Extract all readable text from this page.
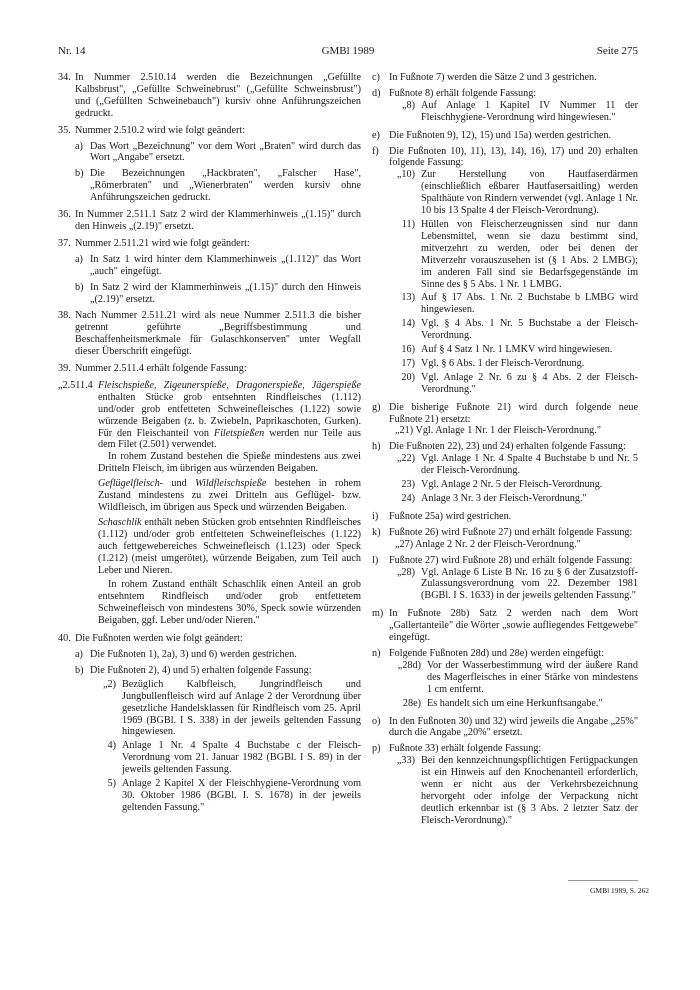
Nr. 14	GMBl 1989	Seite 275
34. In Nummer 2.510.14 werden die Bezeichnungen „Gefüllte Kalbsbrust", „Gefüllte Schweinebrust" („Gefüllte Schweinsbrust") und („Gefüllten Schweinebauch") kursiv ohne Anführungszeichen gedruckt.
35. Nummer 2.510.2 wird wie folgt geändert:
a) Das Wort „Bezeichnung" vor dem Wort „Braten" wird durch das Wort „Angabe" ersetzt.
b) Die Bezeichnungen „Hackbraten", „Falscher Hase", „Römerbraten" und „Wienerbraten" werden kursiv ohne Anführungszeichen gedruckt.
36. In Nummer 2.511.1 Satz 2 wird der Klammerhinweis „(1.15)" durch den Hinweis „(2.19)" ersetzt.
37. Nummer 2.511.21 wird wie folgt geändert:
a) In Satz 1 wird hinter dem Klammerhinweis „(1.112)" das Wort „auch" eingefügt.
b) In Satz 2 wird der Klammerhinweis „(1.15)" durch den Hinweis „(2.19)" ersetzt.
38. Nach Nummer 2.511.21 wird als neue Nummer 2.511.3 die bisher getrennt geführte „Begriffsbestimmung und Beschaffenheitsmerkmale für Gulaschkonserven" unter Wegfall dieser Überschrift eingefügt.
39. Nummer 2.511.4 erhält folgende Fassung:
„2.511.4 Fleischspieße, Zigeunerspieße, Dragonerspieße, Jägerspieße enthalten Stücke grob entsehnten Rindfleisches (1.112) und/oder grob entfetteten Schweinefleisches (1.122) sowie würzende Beigaben (z. b. Zwiebeln, Paprikaschoten, Gurken). Für den Fleischanteil von Filetspießen werden nur Teile aus dem Filet (2.501) verwendet.

In rohem Zustand bestehen die Spieße mindestens aus zwei Dritteln Fleisch, im übrigen aus würzenden Beigaben.

Geflügelfleisch- und Wildfleischspieße bestehen in rohem Zustand mindestens zu zwei Dritteln aus Geflügel- bzw. Wildfleisch, im übrigen aus Speck und würzenden Beigaben.

Schaschlik enthält neben Stücken grob entsehnten Rindfleisches (1.112) und/oder grob entfetteten Schweinefleisches (1.122) auch fettgewebereiches Schweinefleisch (1.123) oder Speck (1.212) (meist umgerötet), würzende Beigaben, zum Teil auch Leber und Nieren.

In rohem Zustand enthält Schaschlik einen Anteil an grob entsehntem Rindfleisch und/oder grob entfettetem Schweinefleisch von mindestens 30%, Speck sowie würzenden Beigaben, ggf. Leber und/oder Nieren."

40. Die Fußnoten werden wie folgt geändert:
a) Die Fußnoten 1), 2a), 3) und 6) werden gestrichen.
b) Die Fußnoten 2), 4) und 5) erhalten folgende Fassung:
„2) Bezüglich Kalbfleisch, Jungrindfleisch und Jungbullenfleisch wird auf Anlage 2 der Verordnung über gesetzliche Handelsklassen für Rindfleisch vom 25. April 1969 (BGBl. I S. 338) in der jeweils geltenden Fassung hingewiesen.
4) Anlage 1 Nr. 4 Spalte 4 Buchstabe c der Fleisch-Verordnung vom 21. Januar 1982 (BGBl. I S. 89) in der jeweils geltenden Fassung.
5) Anlage 2 Kapitel X der Fleischhygiene-Verordnung vom 30. Oktober 1986 (BGBl. I. S. 1678) in der jeweils geltenden Fassung."
c) In Fußnote 7) werden die Sätze 2 und 3 gestrichen.
d) Fußnote 8) erhält folgende Fassung:
„8) Auf Anlage 1 Kapitel IV Nummer 11 der Fleischhygiene-Verordnung wird hingewiesen."
e) Die Fußnoten 9), 12), 15) und 15a) werden gestrichen.
f)	Die Fußnoten 10), 11), 13), 14), 16), 17) und 20) erhalten folgende Fassung:
„10) Zur Herstellung von Hautfaserdärmen (einschließlich eßbarer Hautfasersaitling) werden Spalthäute von Rindern verwendet (vgl. Anlage 1 Nr. 10 bis 13 Spalte 4 der Fleisch-Verordnung).
11) Hüllen von Fleischerzeugnissen sind nur dann Lebensmittel, wenn sie dazu bestimmt sind, mitverzehrt zu werden, oder bei denen der Mitverzehr vorauszusehen ist (§ 1 Abs. 2 LMBG); im anderen Fall sind sie Bedarfsgegenstände im Sinne des § 5 Abs. 1 Nr. 1 LMBG.
13) Auf § 17 Abs. 1 Nr. 2 Buchstabe b LMBG wird hingewiesen.
14) Vgl. § 4 Abs. 1 Nr. 5 Buchstabe a der Fleisch-Verordnung.
16) Auf § 4 Satz 1 Nr. 1 LMKV wird hingewiesen.
17) Vgl. § 6 Abs. 1 der Fleisch-Verordnung.
20) Vgl. Anlage 2 Nr. 6 zu § 4 Abs. 2 der Fleisch-Verordnung."
g) Die bisherige Fußnote 21) wird durch folgende neue Fußnote 21) ersetzt:
„21) Vgl. Anlage 1 Nr. 1 der Fleisch-Verordnung."
h) Die Fußnoten 22), 23) und 24) erhalten folgende Fassung:
„22) Vgl. Anlage 1 Nr. 4 Spalte 4 Buchstabe b und Nr. 5 der Fleisch-Verordnung.
23) Vgl. Anlage 2 Nr. 5 der Fleisch-Verordnung.
24) Anlage 3 Nr. 3 der Fleisch-Verordnung."
i)	Fußnote 25a) wird gestrichen.
k) Fußnote 26) wird Fußnote 27) und erhält folgende Fassung:
„27) Anlage 2 Nr. 2 der Fleisch-Verordnung."
l)	Fußnote 27) wird Fußnote 28) und erhält folgende Fassung:
„28) Vgl. Anlage 6 Liste B Nr. 16 zu § 6 der Zusatzstoff-Zulassungsverordnung vom 22. Dezember 1981 (BGBl. I S. 1633) in der jeweils geltenden Fassung."
m) In Fußnote 28b) Satz 2 werden nach dem Wort „Gallertanteile" die Wörter „sowie aufliegendes Fettgewebe" eingefügt.
n) Folgende Fußnoten 28d) und 28e) werden eingefügt:
„28d) Vor der Wasserbestimmung wird der äußere Rand des Magerfleisches in einer Stärke von mindestens 1 cm entfernt.
28e) Es handelt sich um eine Herkunftsangabe."
o) In den Fußnoten 30) und 32) wird jeweils die Angabe „25%" durch die Angabe „20%" ersetzt.
p) Fußnote 33) erhält folgende Fassung:
„33) Bei den kennzeichnungspflichtigen Fertigpackungen ist ein Hinweis auf den Knochenanteil erforderlich, wenn er nicht aus der Verkehrsbezeichnung hervorgeht oder infolge der Verpackung nicht deutlich erkennbar ist (§ 3 Abs. 2 letzter Satz der Fleisch-Verordnung)."
GMBl 1989, S. 262
